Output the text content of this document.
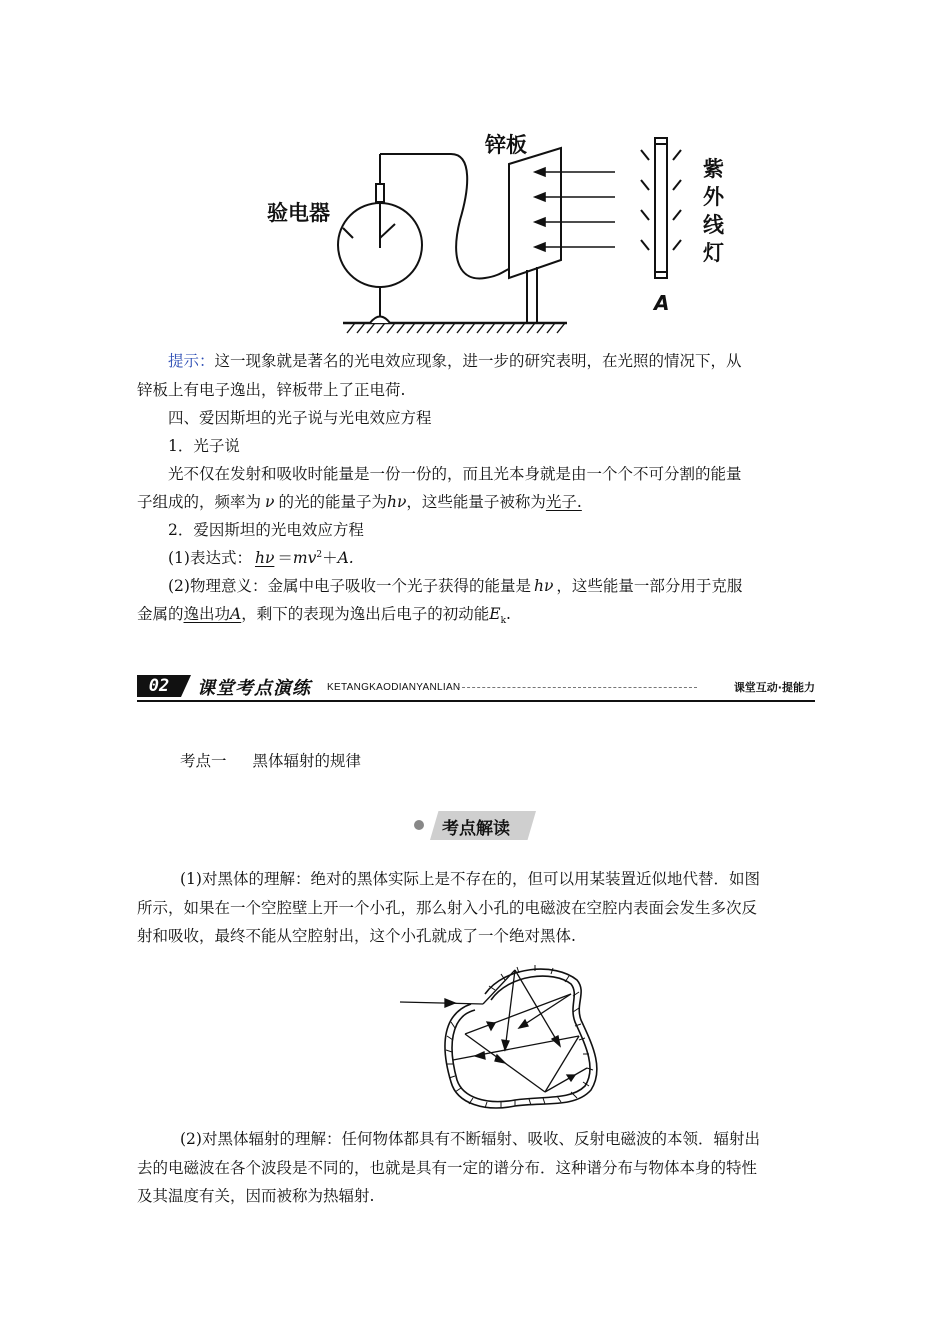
锌板
验电器
紫
外
线
灯
A
提示：这一现象就是著名的光电效应现象，进一步的研究表明，在光照的情况下，从
锌板上有电子逸出，锌板带上了正电荷.
四、爱因斯坦的光子说与光电效应方程
1．光子说
光不仅在发射和吸收时能量是一份一份的，而且光本身就是由一个个不可分割的能量
子组成的，频率为 ν 的光的能量子为hν，这些能量子被称为光子.
2．爱因斯坦的光电效应方程
(1)表达式： $h\nu =mv^2+A$.
(2)物理意义：金属中电子吸收一个光子获得的能量是 hν ，这些能量一部分用于克服
金属的逸出功A，剩下的表现为逸出后电子的初动能$E_k$.
02	课堂考点演练 KETANGKAODIANYANLIAN	课堂互动·提能力
考点一 黑体辐射的规律
考点解读
(1)对黑体的理解：绝对的黑体实际上是不存在的，但可以用某装置近似地代替．如图
所示，如果在一个空腔壁上开一个小孔，那么射入小孔的电磁波在空腔内表面会发生多次反
射和吸收，最终不能从空腔射出，这个小孔就成了一个绝对黑体.
(2)对黑体辐射的理解：任何物体都具有不断辐射、吸收、反射电磁波的本领．辐射出
去的电磁波在各个波段是不同的，也就是具有一定的谱分布．这种谱分布与物体本身的特性
及其温度有关，因而被称为热辐射.
